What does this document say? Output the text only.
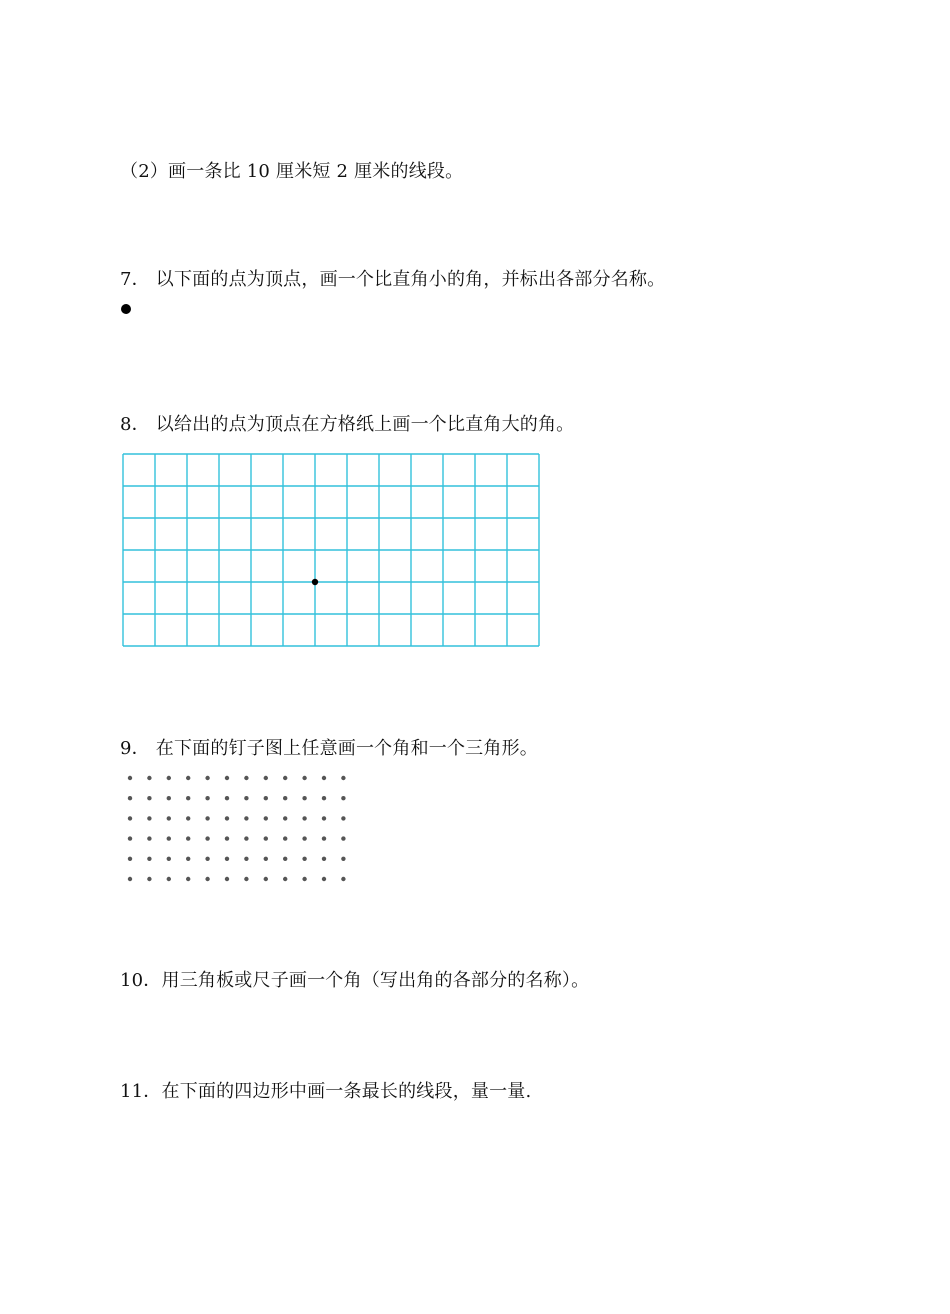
（2）画一条比 10 厘米短 2 厘米的线段。
7． 以下面的点为顶点，画一个比直角小的角，并标出各部分名称。
8． 以给出的点为顶点在方格纸上画一个比直角大的角。
9． 在下面的钉子图上任意画一个角和一个三角形。
10．用三角板或尺子画一个角（写出角的各部分的名称）。
11．在下面的四边形中画一条最长的线段，量一量.
